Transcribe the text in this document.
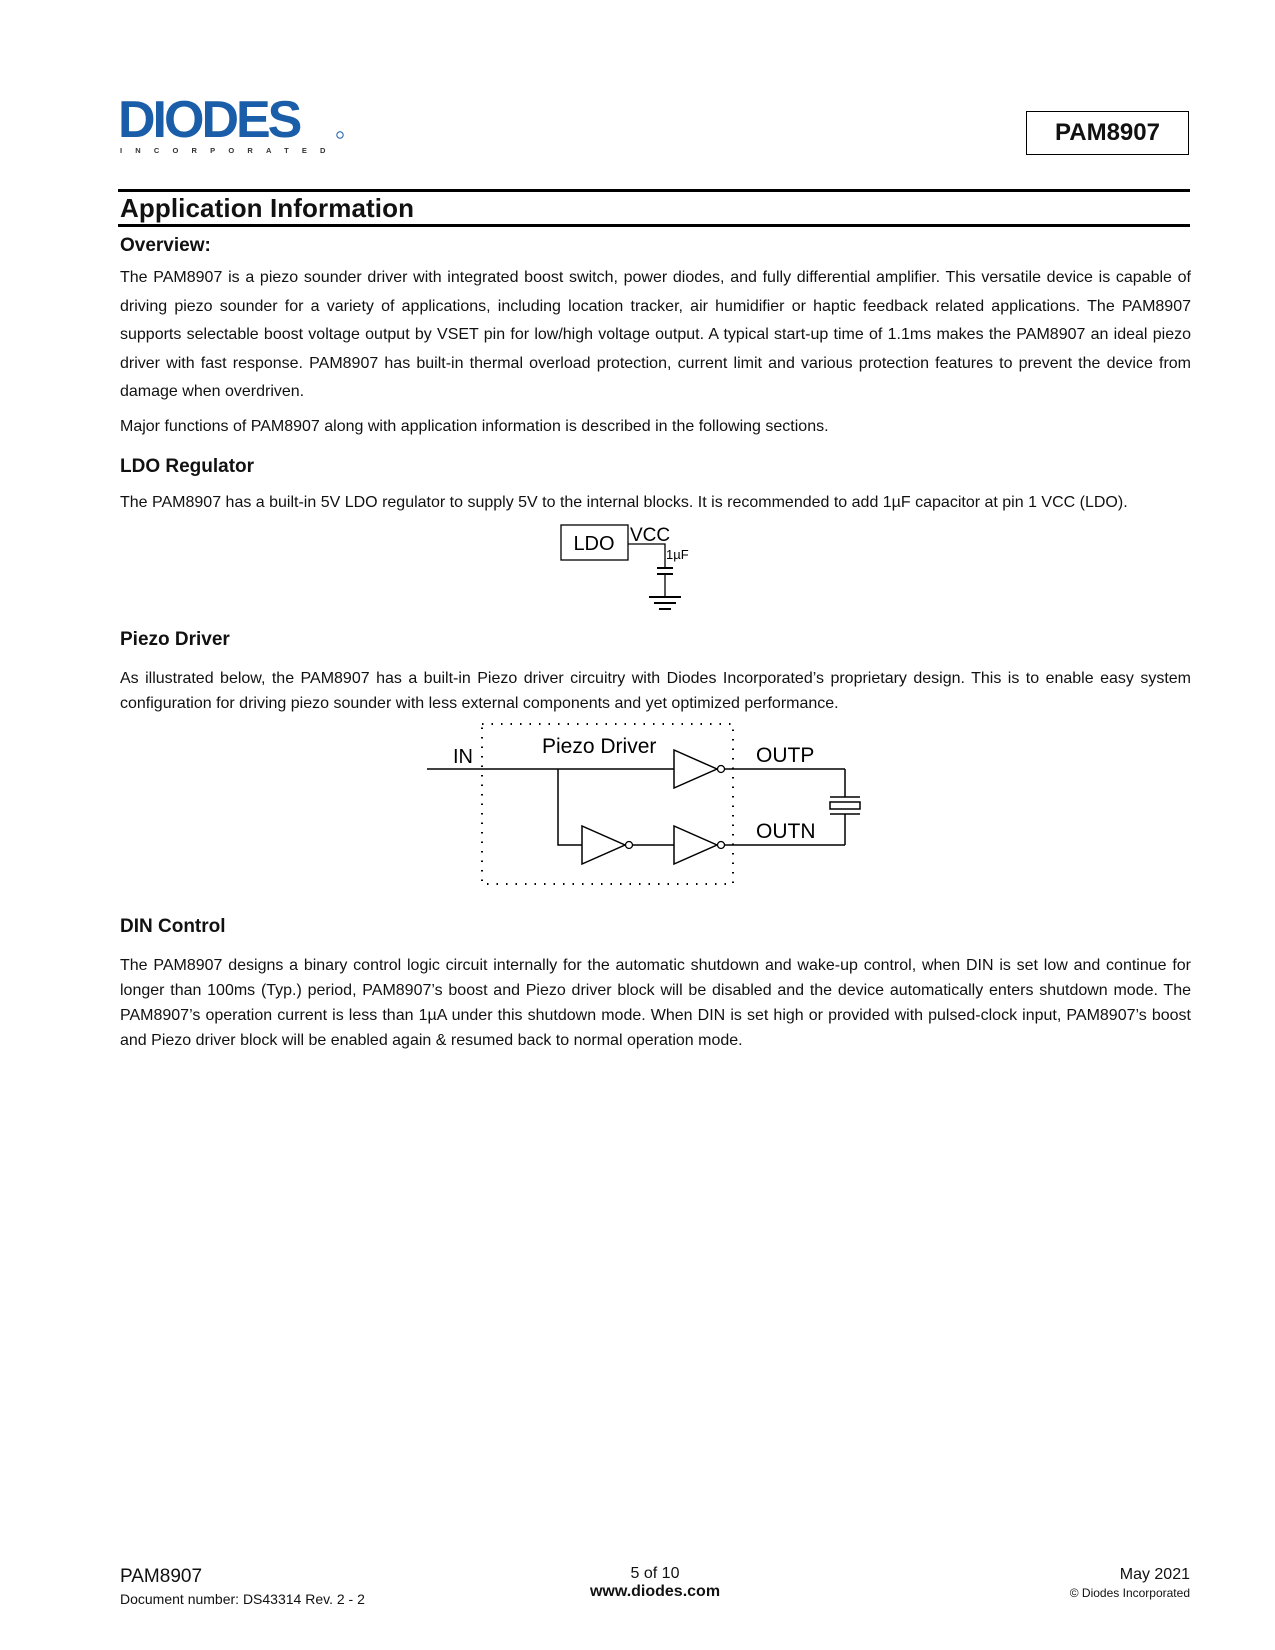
DIODES
INCORPORATED
PAM8907
Application Information
Overview:

The PAM8907 is a piezo sounder driver with integrated boost switch, power diodes, and fully differential amplifier. This versatile device is capable of driving piezo sounder for a variety of applications, including location tracker, air humidifier or haptic feedback related applications. The PAM8907 supports selectable boost voltage output by VSET pin for low/high voltage output. A typical start-up time of 1.1ms makes the PAM8907 an ideal piezo driver with fast response. PAM8907 has built-in thermal overload protection, current limit and various protection features to prevent the device from damage when overdriven.

Major functions of PAM8907 along with application information is described in the following sections.

LDO Regulator

The PAM8907 has a built-in 5V LDO regulator to supply 5V to the internal blocks. It is recommended to add 1µF capacitor at pin 1 VCC (LDO).

LDO VCC
1µF
Piezo Driver

As illustrated below, the PAM8907 has a built-in Piezo driver circuitry with Diodes Incorporated’s proprietary design. This is to enable easy system configuration for driving piezo sounder with less external components and yet optimized performance.

Piezo Driver
IN	OUTP
OUTN
DIN Control

The PAM8907 designs a binary control logic circuit internally for the automatic shutdown and wake-up control, when DIN is set low and continue for longer than 100ms (Typ.) period, PAM8907’s boost and Piezo driver block will be disabled and the device automatically enters shutdown mode. The PAM8907’s operation current is less than 1µA under this shutdown mode. When DIN is set high or provided with pulsed-clock input, PAM8907’s boost and Piezo driver block will be enabled again & resumed back to normal operation mode.

PAM8907
Document number: DS43314 Rev. 2 - 2
5 of 10
www.diodes.com
May 2021
© Diodes Incorporated
